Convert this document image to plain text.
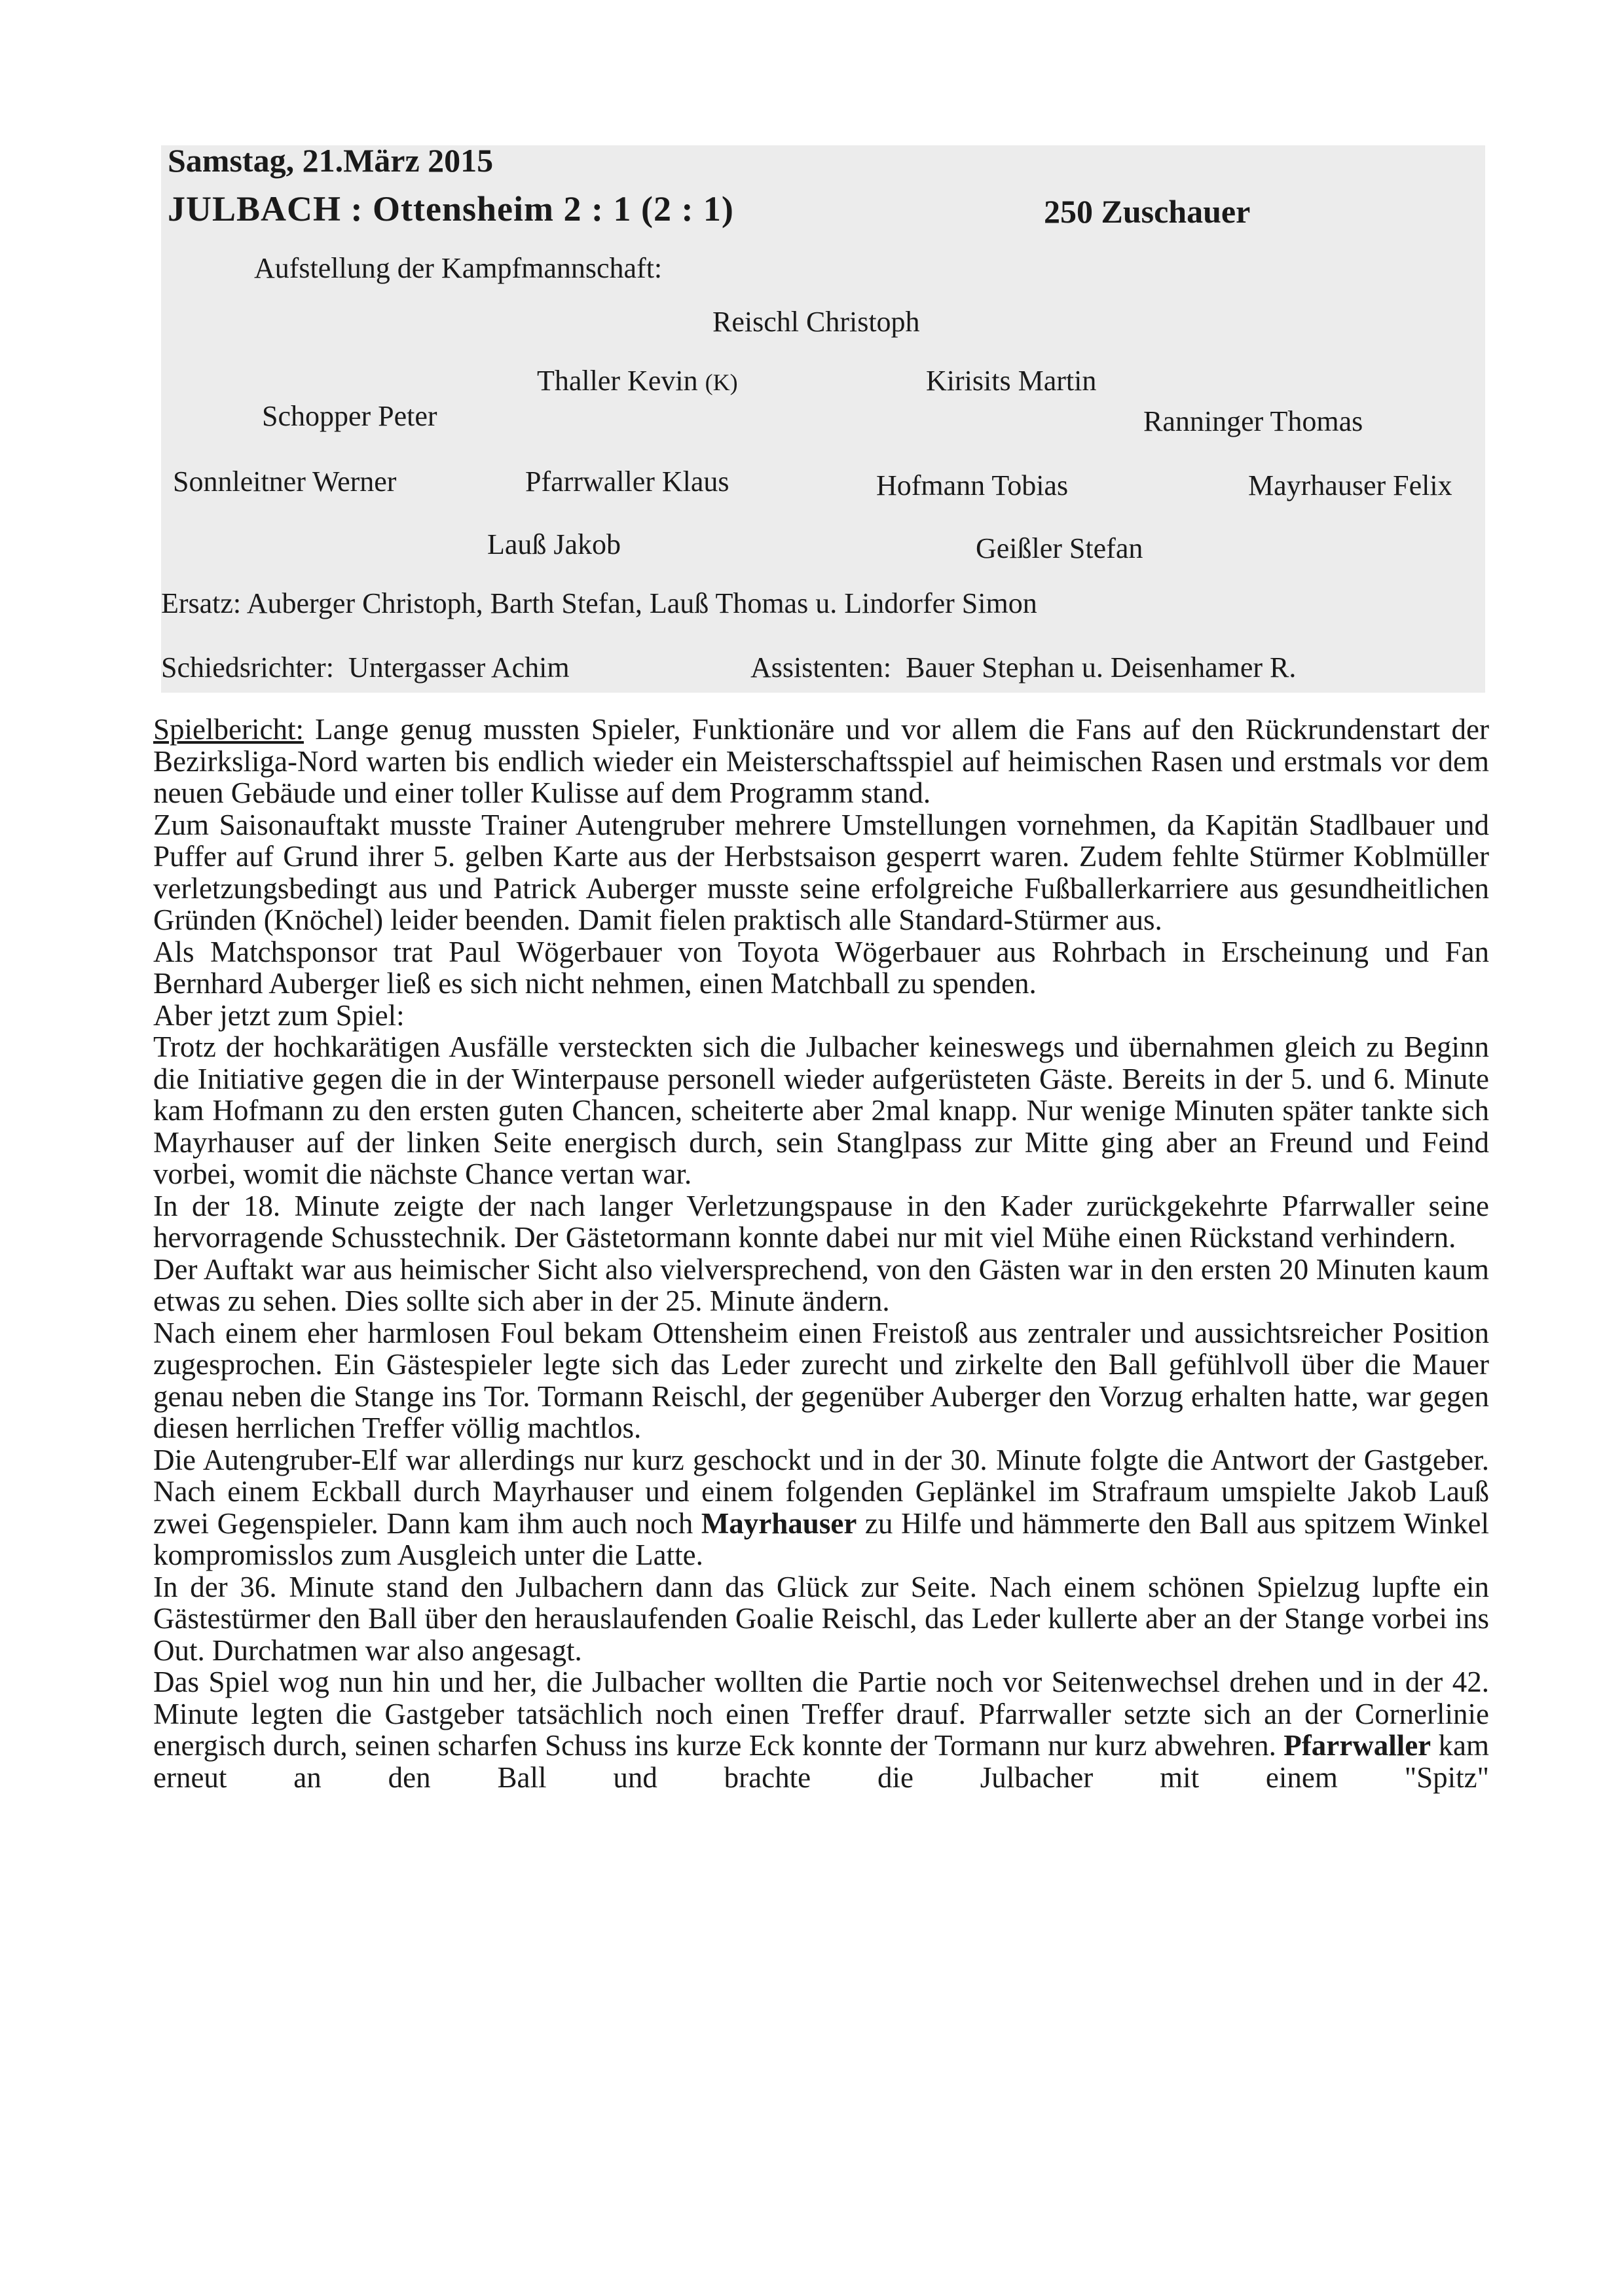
Samstag, 21.März 2015
JULBACH : Ottensheim 2 : 1 (2 : 1)	250 Zuschauer
Aufstellung der Kampfmannschaft:
Reischl Christoph
Thaller Kevin (K)	Kirisits Martin
Schopper Peter	Ranninger Thomas
Sonnleitner Werner	Pfarrwaller Klaus	Hofmann Tobias	Mayrhauser Felix
Lauß Jakob	Geißler Stefan
Ersatz: Auberger Christoph, Barth Stefan, Lauß Thomas u. Lindorfer Simon
Schiedsrichter: Untergasser Achim	Assistenten: Bauer Stephan u. Deisenhamer R.

Spielbericht: Lange genug mussten Spieler, Funktionäre und vor allem die Fans auf den Rückrundenstart der Bezirksliga-Nord warten bis endlich wieder ein Meisterschaftsspiel auf heimischen Rasen und erstmals vor dem neuen Gebäude und einer toller Kulisse auf dem Programm stand.

Zum Saisonauftakt musste Trainer Autengruber mehrere Umstellungen vornehmen, da Kapitän Stadlbauer und Puffer auf Grund ihrer 5. gelben Karte aus der Herbstsaison gesperrt waren. Zudem fehlte Stürmer Koblmüller verletzungsbedingt aus und Patrick Auberger musste seine erfolgreiche Fußballerkarriere aus gesundheitlichen Gründen (Knöchel) leider beenden. Damit fielen praktisch alle Standard-Stürmer aus.

Als Matchsponsor trat Paul Wögerbauer von Toyota Wögerbauer aus Rohrbach in Erscheinung und Fan Bernhard Auberger ließ es sich nicht nehmen, einen Matchball zu spenden.

Aber jetzt zum Spiel:

Trotz der hochkarätigen Ausfälle versteckten sich die Julbacher keineswegs und übernahmen gleich zu Beginn die Initiative gegen die in der Winterpause personell wieder aufgerüsteten Gäste. Bereits in der 5. und 6. Minute kam Hofmann zu den ersten guten Chancen, scheiterte aber 2mal knapp. Nur wenige Minuten später tankte sich Mayrhauser auf der linken Seite energisch durch, sein Stanglpass zur Mitte ging aber an Freund und Feind vorbei, womit die nächste Chance vertan war.

In der 18. Minute zeigte der nach langer Verletzungspause in den Kader zurückgekehrte Pfarrwaller seine hervorragende Schusstechnik. Der Gästetormann konnte dabei nur mit viel Mühe einen Rückstand verhindern.

Der Auftakt war aus heimischer Sicht also vielversprechend, von den Gästen war in den ersten 20 Minuten kaum etwas zu sehen. Dies sollte sich aber in der 25. Minute ändern.

Nach einem eher harmlosen Foul bekam Ottensheim einen Freistoß aus zentraler und aussichtsreicher Position zugesprochen. Ein Gästespieler legte sich das Leder zurecht und zirkelte den Ball gefühlvoll über die Mauer genau neben die Stange ins Tor. Tormann Reischl, der gegenüber Auberger den Vorzug erhalten hatte, war gegen diesen herrlichen Treffer völlig machtlos.

Die Autengruber-Elf war allerdings nur kurz geschockt und in der 30. Minute folgte die Antwort der Gastgeber. Nach einem Eckball durch Mayrhauser und einem folgenden Geplänkel im Strafraum umspielte Jakob Lauß zwei Gegenspieler. Dann kam ihm auch noch Mayrhauser zu Hilfe und hämmerte den Ball aus spitzem Winkel kompromisslos zum Ausgleich unter die Latte.

In der 36. Minute stand den Julbachern dann das Glück zur Seite. Nach einem schönen Spielzug lupfte ein Gästestürmer den Ball über den herauslaufenden Goalie Reischl, das Leder kullerte aber an der Stange vorbei ins Out. Durchatmen war also angesagt.

Das Spiel wog nun hin und her, die Julbacher wollten die Partie noch vor Seitenwechsel drehen und in der 42. Minute legten die Gastgeber tatsächlich noch einen Treffer drauf. Pfarrwaller setzte sich an der Cornerlinie energisch durch, seinen scharfen Schuss ins kurze Eck konnte der Tormann nur kurz abwehren. Pfarrwaller kam erneut an den Ball und brachte die Julbacher mit einem "Spitz"
